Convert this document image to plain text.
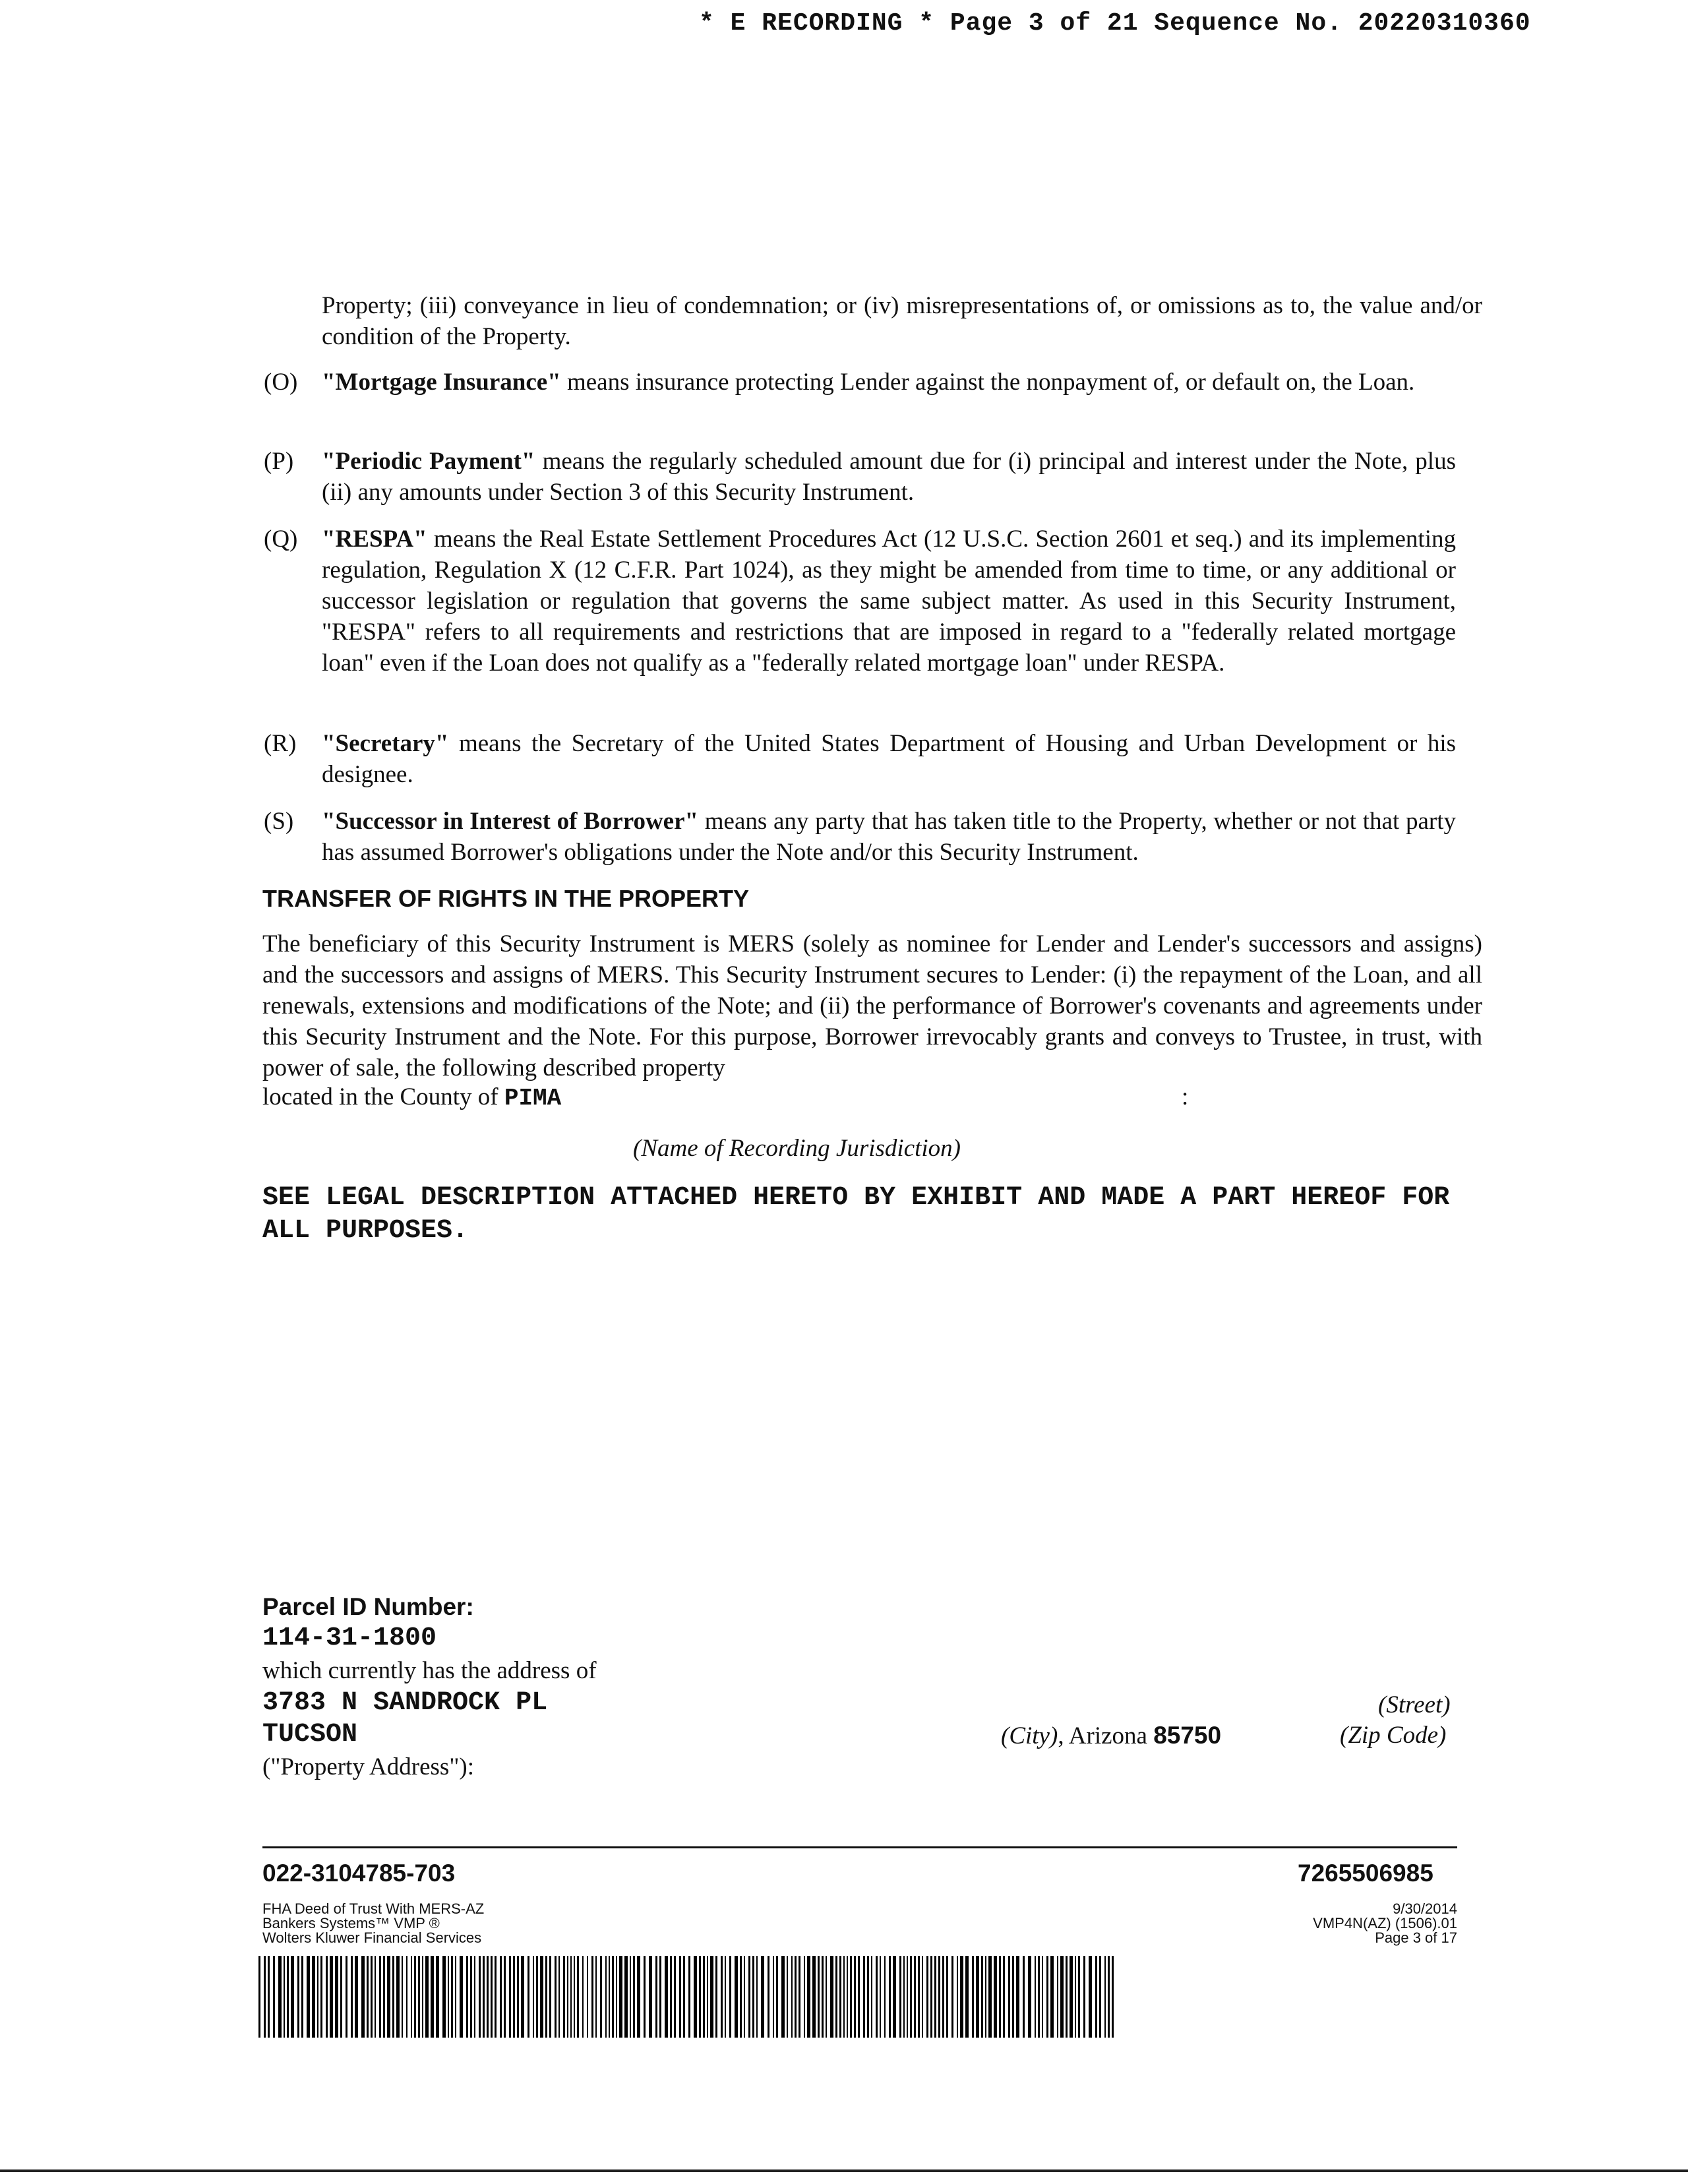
* E RECORDING * Page 3 of 21 Sequence No. 20220310360
Property; (iii) conveyance in lieu of condemnation; or (iv) misrepresentations of, or omissions as to, the value and/or condition of the Property.
(O) "Mortgage Insurance" means insurance protecting Lender against the nonpayment of, or default on, the Loan.
(P) "Periodic Payment" means the regularly scheduled amount due for (i) principal and interest under the Note, plus (ii) any amounts under Section 3 of this Security Instrument.
(Q) "RESPA" means the Real Estate Settlement Procedures Act (12 U.S.C. Section 2601 et seq.) and its implementing regulation, Regulation X (12 C.F.R. Part 1024), as they might be amended from time to time, or any additional or successor legislation or regulation that governs the same subject matter. As used in this Security Instrument, "RESPA" refers to all requirements and restrictions that are imposed in regard to a "federally related mortgage loan" even if the Loan does not qualify as a "federally related mortgage loan" under RESPA.
(R) "Secretary" means the Secretary of the United States Department of Housing and Urban Development or his designee.
(S) "Successor in Interest of Borrower" means any party that has taken title to the Property, whether or not that party has assumed Borrower's obligations under the Note and/or this Security Instrument.
TRANSFER OF RIGHTS IN THE PROPERTY
The beneficiary of this Security Instrument is MERS (solely as nominee for Lender and Lender's successors and assigns) and the successors and assigns of MERS. This Security Instrument secures to Lender: (i) the repayment of the Loan, and all renewals, extensions and modifications of the Note; and (ii) the performance of Borrower's covenants and agreements under this Security Instrument and the Note. For this purpose, Borrower irrevocably grants and conveys to Trustee, in trust, with power of sale, the following described property
located in the County of PIMA	:
(Name of Recording Jurisdiction)
SEE LEGAL DESCRIPTION ATTACHED HERETO BY EXHIBIT AND MADE A PART HEREOF FOR
ALL PURPOSES.
Parcel ID Number:
114-31-1800
which currently has the address of
3783 N SANDROCK PL	(Street)
TUCSON	(City), Arizona 85750	(Zip Code)
("Property Address"):
022-3104785-703	7265506985
FHA Deed of Trust With MERS-AZ
Bankers Systems™ VMP ®
Wolters Kluwer Financial Services
9/30/2014
VMP4N(AZ) (1506).01
Page 3 of 17
